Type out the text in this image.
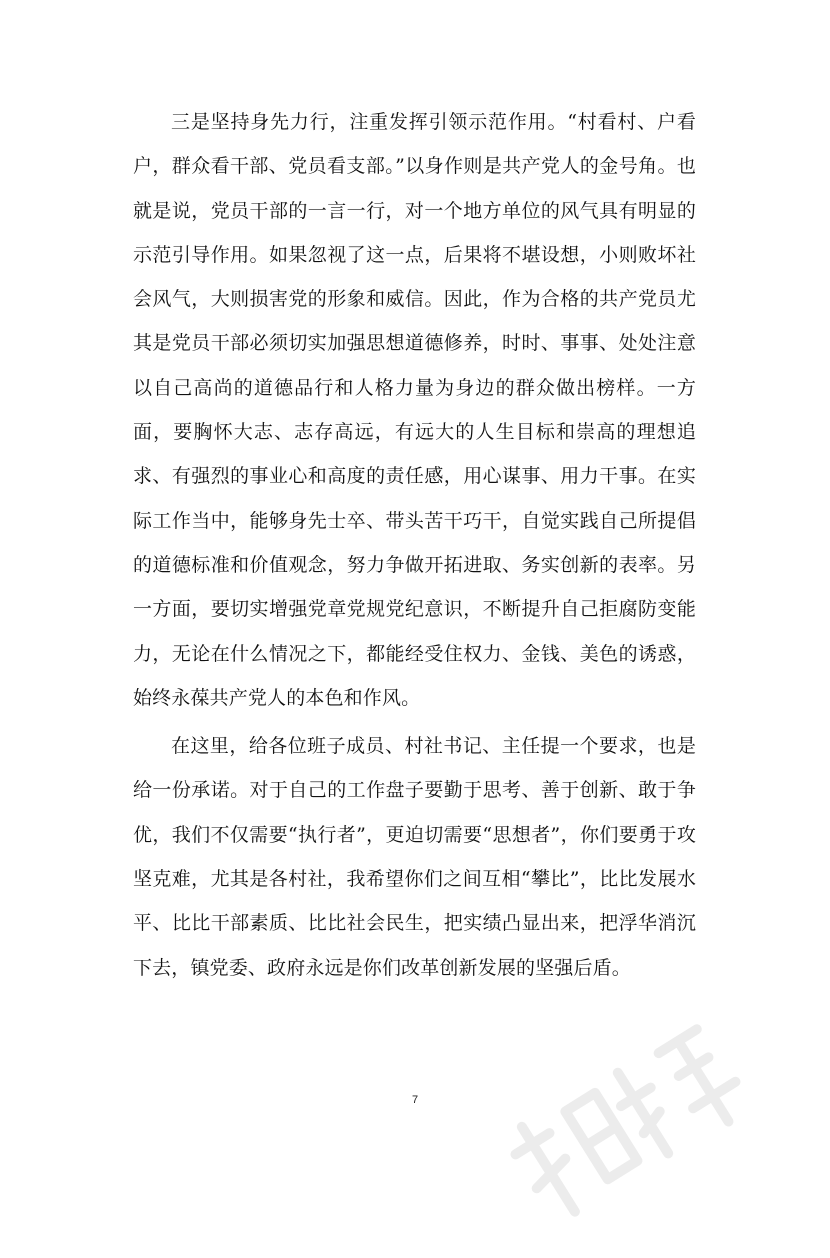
三是坚持身先力行，注重发挥引领示范作用。“村看村、户看户，群众看干部、党员看支部。”以身作则是共产党人的金号角。也就是说，党员干部的一言一行，对一个地方单位的风气具有明显的示范引导作用。如果忽视了这一点，后果将不堪设想，小则败坏社会风气，大则损害党的形象和威信。因此，作为合格的共产党员尤其是党员干部必须切实加强思想道德修养，时时、事事、处处注意以自己高尚的道德品行和人格力量为身边的群众做出榜样。一方面，要胸怀大志、志存高远，有远大的人生目标和崇高的理想追求、有强烈的事业心和高度的责任感，用心谋事、用力干事。在实际工作当中，能够身先士卒、带头苦干巧干，自觉实践自己所提倡的道德标准和价值观念，努力争做开拓进取、务实创新的表率。另一方面，要切实增强党章党规党纪意识，不断提升自己拒腐防变能力，无论在什么情况之下，都能经受住权力、金钱、美色的诱惑，始终永葆共产党人的本色和作风。

在这里，给各位班子成员、村社书记、主任提一个要求，也是给一份承诺。对于自己的工作盘子要勤于思考、善于创新、敢于争优，我们不仅需要“执行者”，更迫切需要“思想者”，你们要勇于攻坚克难，尤其是各村社，我希望你们之间互相“攀比”，比比发展水平、比比干部素质、比比社会民生，把实绩凸显出来，把浮华消沉下去，镇党委、政府永远是你们改革创新发展的坚强后盾。

7
